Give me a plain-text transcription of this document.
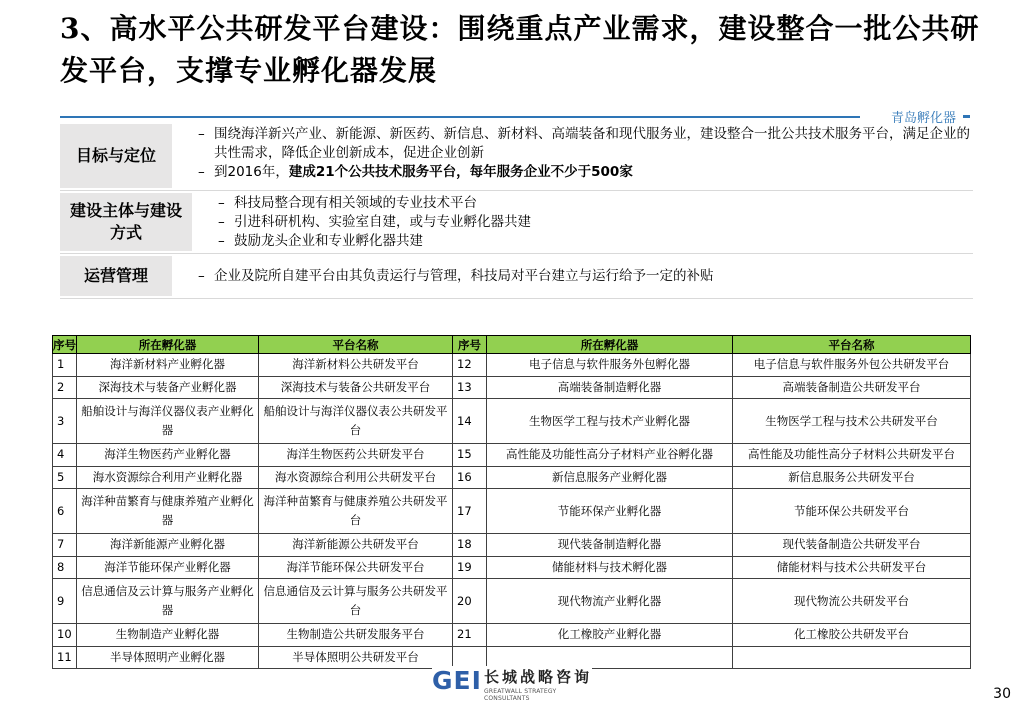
3、高水平公共研发平台建设：围绕重点产业需求，建设整合一批公共研发平台，支撑专业孵化器发展
青岛孵化器
目标与定位
– 围绕海洋新兴产业、新能源、新医药、新信息、新材料、高端装备和现代服务业，建设整合一批公共技术服务平台，满足企业的共性需求，降低企业创新成本，促进企业创新
– 到2016年，建成21个公共技术服务平台，每年服务企业不少于500家
建设主体与建设方式
– 科技局整合现有相关领域的专业技术平台
– 引进科研机构、实验室自建，或与专业孵化器共建
– 鼓励龙头企业和专业孵化器共建
运营管理	– 企业及院所自建平台由其负责运行与管理，科技局对平台建立与运行给予一定的补贴
序号	所在孵化器	平台名称	序号	所在孵化器	平台名称
1	海洋新材料产业孵化器	海洋新材料公共研发平台	12	电子信息与软件服务外包孵化器	电子信息与软件服务外包公共研发平台
2	深海技术与装备产业孵化器	深海技术与装备公共研发平台	13	高端装备制造孵化器	高端装备制造公共研发平台
3	船舶设计与海洋仪器仪表产业孵化器	船舶设计与海洋仪器仪表公共研发平台	14	生物医学工程与技术产业孵化器	生物医学工程与技术公共研发平台
4	海洋生物医药产业孵化器	海洋生物医药公共研发平台	15	高性能及功能性高分子材料产业谷孵化器	高性能及功能性高分子材料公共研发平台
5	海水资源综合利用产业孵化器	海水资源综合利用公共研发平台	16	新信息服务产业孵化器	新信息服务公共研发平台
6	海洋种苗繁育与健康养殖产业孵化器	海洋种苗繁育与健康养殖公共研发平台	17	节能环保产业孵化器	节能环保公共研发平台
7	海洋新能源产业孵化器	海洋新能源公共研发平台	18	现代装备制造孵化器	现代装备制造公共研发平台
8	海洋节能环保产业孵化器	海洋节能环保公共研发平台	19	储能材料与技术孵化器	储能材料与技术公共研发平台
9	信息通信及云计算与服务产业孵化器	信息通信及云计算与服务公共研发平台	20	现代物流产业孵化器	现代物流公共研发平台
10	生物制造产业孵化器	生物制造公共研发服务平台	21	化工橡胶产业孵化器	化工橡胶公共研发平台
11	半导体照明产业孵化器	半导体照明公共研发平台			
GEI 长城战略咨询
GREATWALL STRATEGY CONSULTANTS	30
